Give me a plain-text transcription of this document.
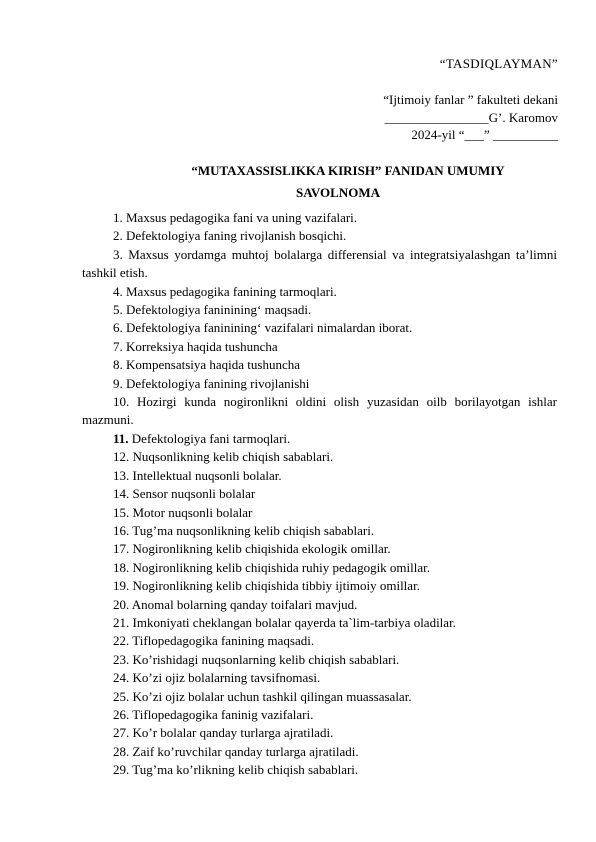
“TASDIQLAYMAN”
“Ijtimoiy fanlar ” fakulteti dekani
________________G’. Karomov
2024-yil “___” __________
“MUTAXASSISLIKKA KIRISH” FANIDAN UMUMIY
SAVOLNOMA
1. Maxsus pedagogika fani va uning vazifalari.
2. Defektologiya faning rivojlanish bosqichi.
3. Maxsus yordamga muhtoj bolalarga differensial va integratsiyalashgan ta’limni tashkil etish.
4. Maxsus pedagogika fanining tarmoqlari.
5. Defektologiya fanininingʻ maqsadi.
6. Defektologiya fanininingʻ vazifalari nimalardan iborat.
7. Korreksiya haqida tushuncha
8. Kompensatsiya haqida tushuncha
9. Defektologiya fanining rivojlanishi
10. Hozirgi kunda nogironlikni oldini olish yuzasidan oilb borilayotgan ishlar mazmuni.
11. Defektologiya fani tarmoqlari.
12. Nuqsonlikning kelib chiqish sabablari.
13. Intellektual nuqsonli bolalar.
14. Sensor nuqsonli bolalar
15. Motor nuqsonli bolalar
16. Tug’ma nuqsonlikning kelib chiqish sabablari.
17. Nogironlikning kelib chiqishida ekologik omillar.
18. Nogironlikning kelib chiqishida ruhiy pedagogik omillar.
19. Nogironlikning kelib chiqishida tibbiy ijtimoiy omillar.
20. Anomal bolarning qanday toifalari mavjud.
21. Imkoniyati cheklangan bolalar qayerda ta`lim-tarbiya oladilar.
22. Tiflopedagogika fanining maqsadi.
23. Ko’rishidagi nuqsonlarning kelib chiqish sabablari.
24. Ko’zi ojiz bolalarning tavsifnomasi.
25. Ko’zi ojiz bolalar uchun tashkil qilingan muassasalar.
26. Tiflopedagogika faninig vazifalari.
27. Ko’r bolalar qanday turlarga ajratiladi.
28. Zaif ko’ruvchilar qanday turlarga ajratiladi.
29. Tug’ma ko’rlikning kelib chiqish sabablari.
